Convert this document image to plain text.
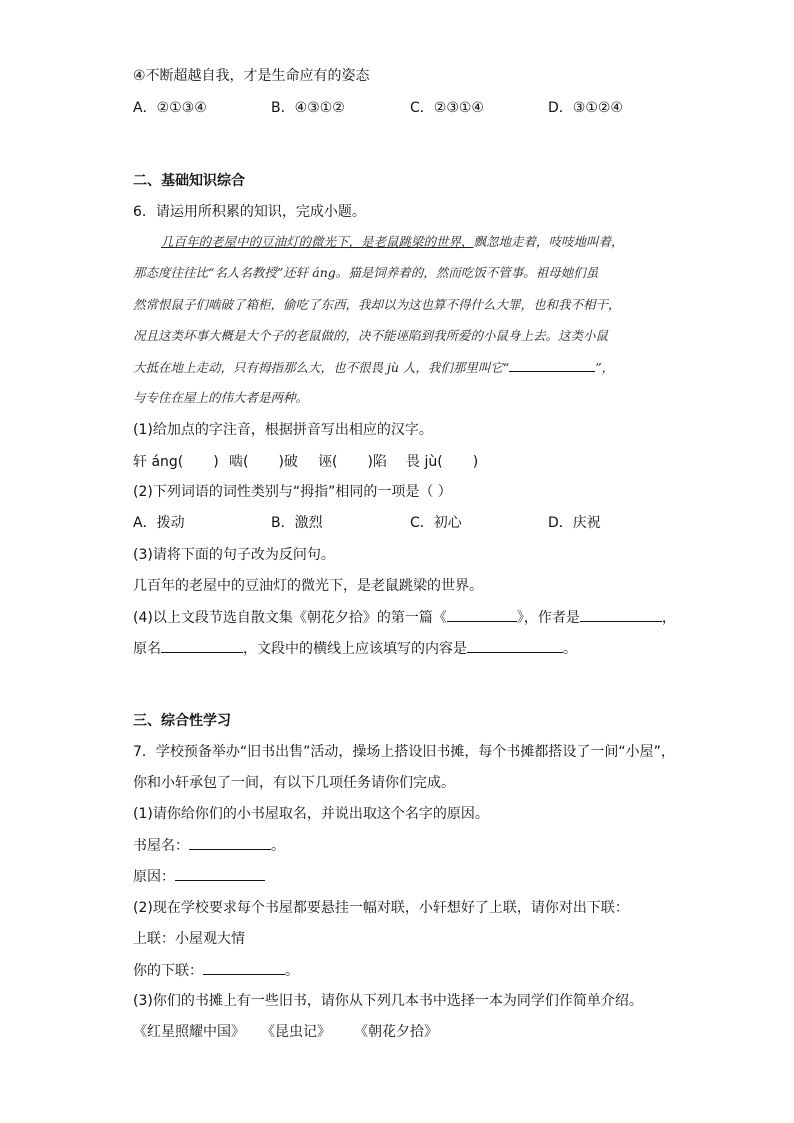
④不断超越自我，才是生命应有的姿态
A．②①③④	B．④③①②	C．②③①④	D．③①②④
二、基础知识综合
6．请运用所积累的知识，完成小题。
几百年的老屋中的豆油灯的微光下，是老鼠跳梁的世界，飘忽地走着，吱吱地叫着，
那态度往往比“名人名教授”还轩 áng。猫是饲养着的，然而吃饭不管事。祖母她们虽
然常恨鼠子们啮破了箱柜，偷吃了东西，我却以为这也算不得什么大罪，也和我不相干，
况且这类坏事大概是大个子的老鼠做的，决不能诬陷到我所爱的小鼠身上去。这类小鼠
大抵在地上走动，只有拇指那么大，也不很畏 jù 人，我们那里叫它“	”，
与专住在屋上的伟大者是两种。
(1)给加点的字注音，根据拼音写出相应的汉字。
轩 áng( ) 啮( )破 诬( )陷 畏 jù( )
(2)下列词语的词性类别与“拇指”相同的一项是（ ）
A．拨动	B．激烈	C．初心	D．庆祝
(3)请将下面的句子改为反问句。
几百年的老屋中的豆油灯的微光下，是老鼠跳梁的世界。
(4)以上文段节选自散文集《朝花夕拾》的第一篇《	》，作者是	，
原名	，文段中的横线上应该填写的内容是	。
三、综合性学习
7．学校预备举办“旧书出售”活动，操场上搭设旧书摊，每个书摊都搭设了一间“小屋”，
你和小轩承包了一间，有以下几项任务请你们完成。
(1)请你给你们的小书屋取名，并说出取这个名字的原因。
书屋名：	。
原因：
(2)现在学校要求每个书屋都要悬挂一幅对联，小轩想好了上联，请你对出下联：
上联：小屋观大情
你的下联：	。
(3)你们的书摊上有一些旧书，请你从下列几本书中选择一本为同学们作简单介绍。
《红星照耀中国》 《昆虫记》 《朝花夕拾》
